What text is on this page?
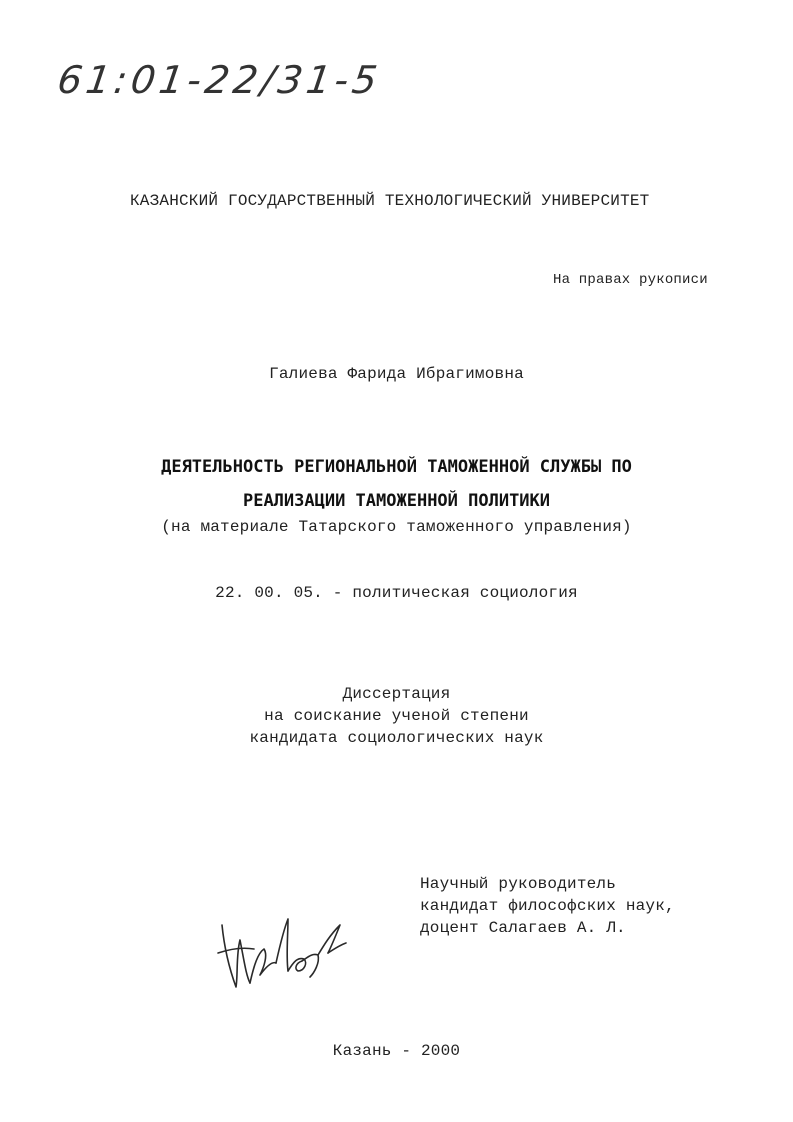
61:01-22/31-5
КАЗАНСКИЙ ГОСУДАРСТВЕННЫЙ ТЕХНОЛОГИЧЕСКИЙ УНИВЕРСИТЕТ
На правах рукописи
Галиева Фарида Ибрагимовна
ДЕЯТЕЛЬНОСТЬ РЕГИОНАЛЬНОЙ ТАМОЖЕННОЙ СЛУЖБЫ ПО
РЕАЛИЗАЦИИ ТАМОЖЕННОЙ ПОЛИТИКИ
(на материале Татарского таможенного управления)
22. 00. 05. - политическая социология
Диссертация
на соискание ученой степени
кандидата социологических наук
Научный руководитель
кандидат философских наук,
доцент Салагаев А. Л.
Казань - 2000
